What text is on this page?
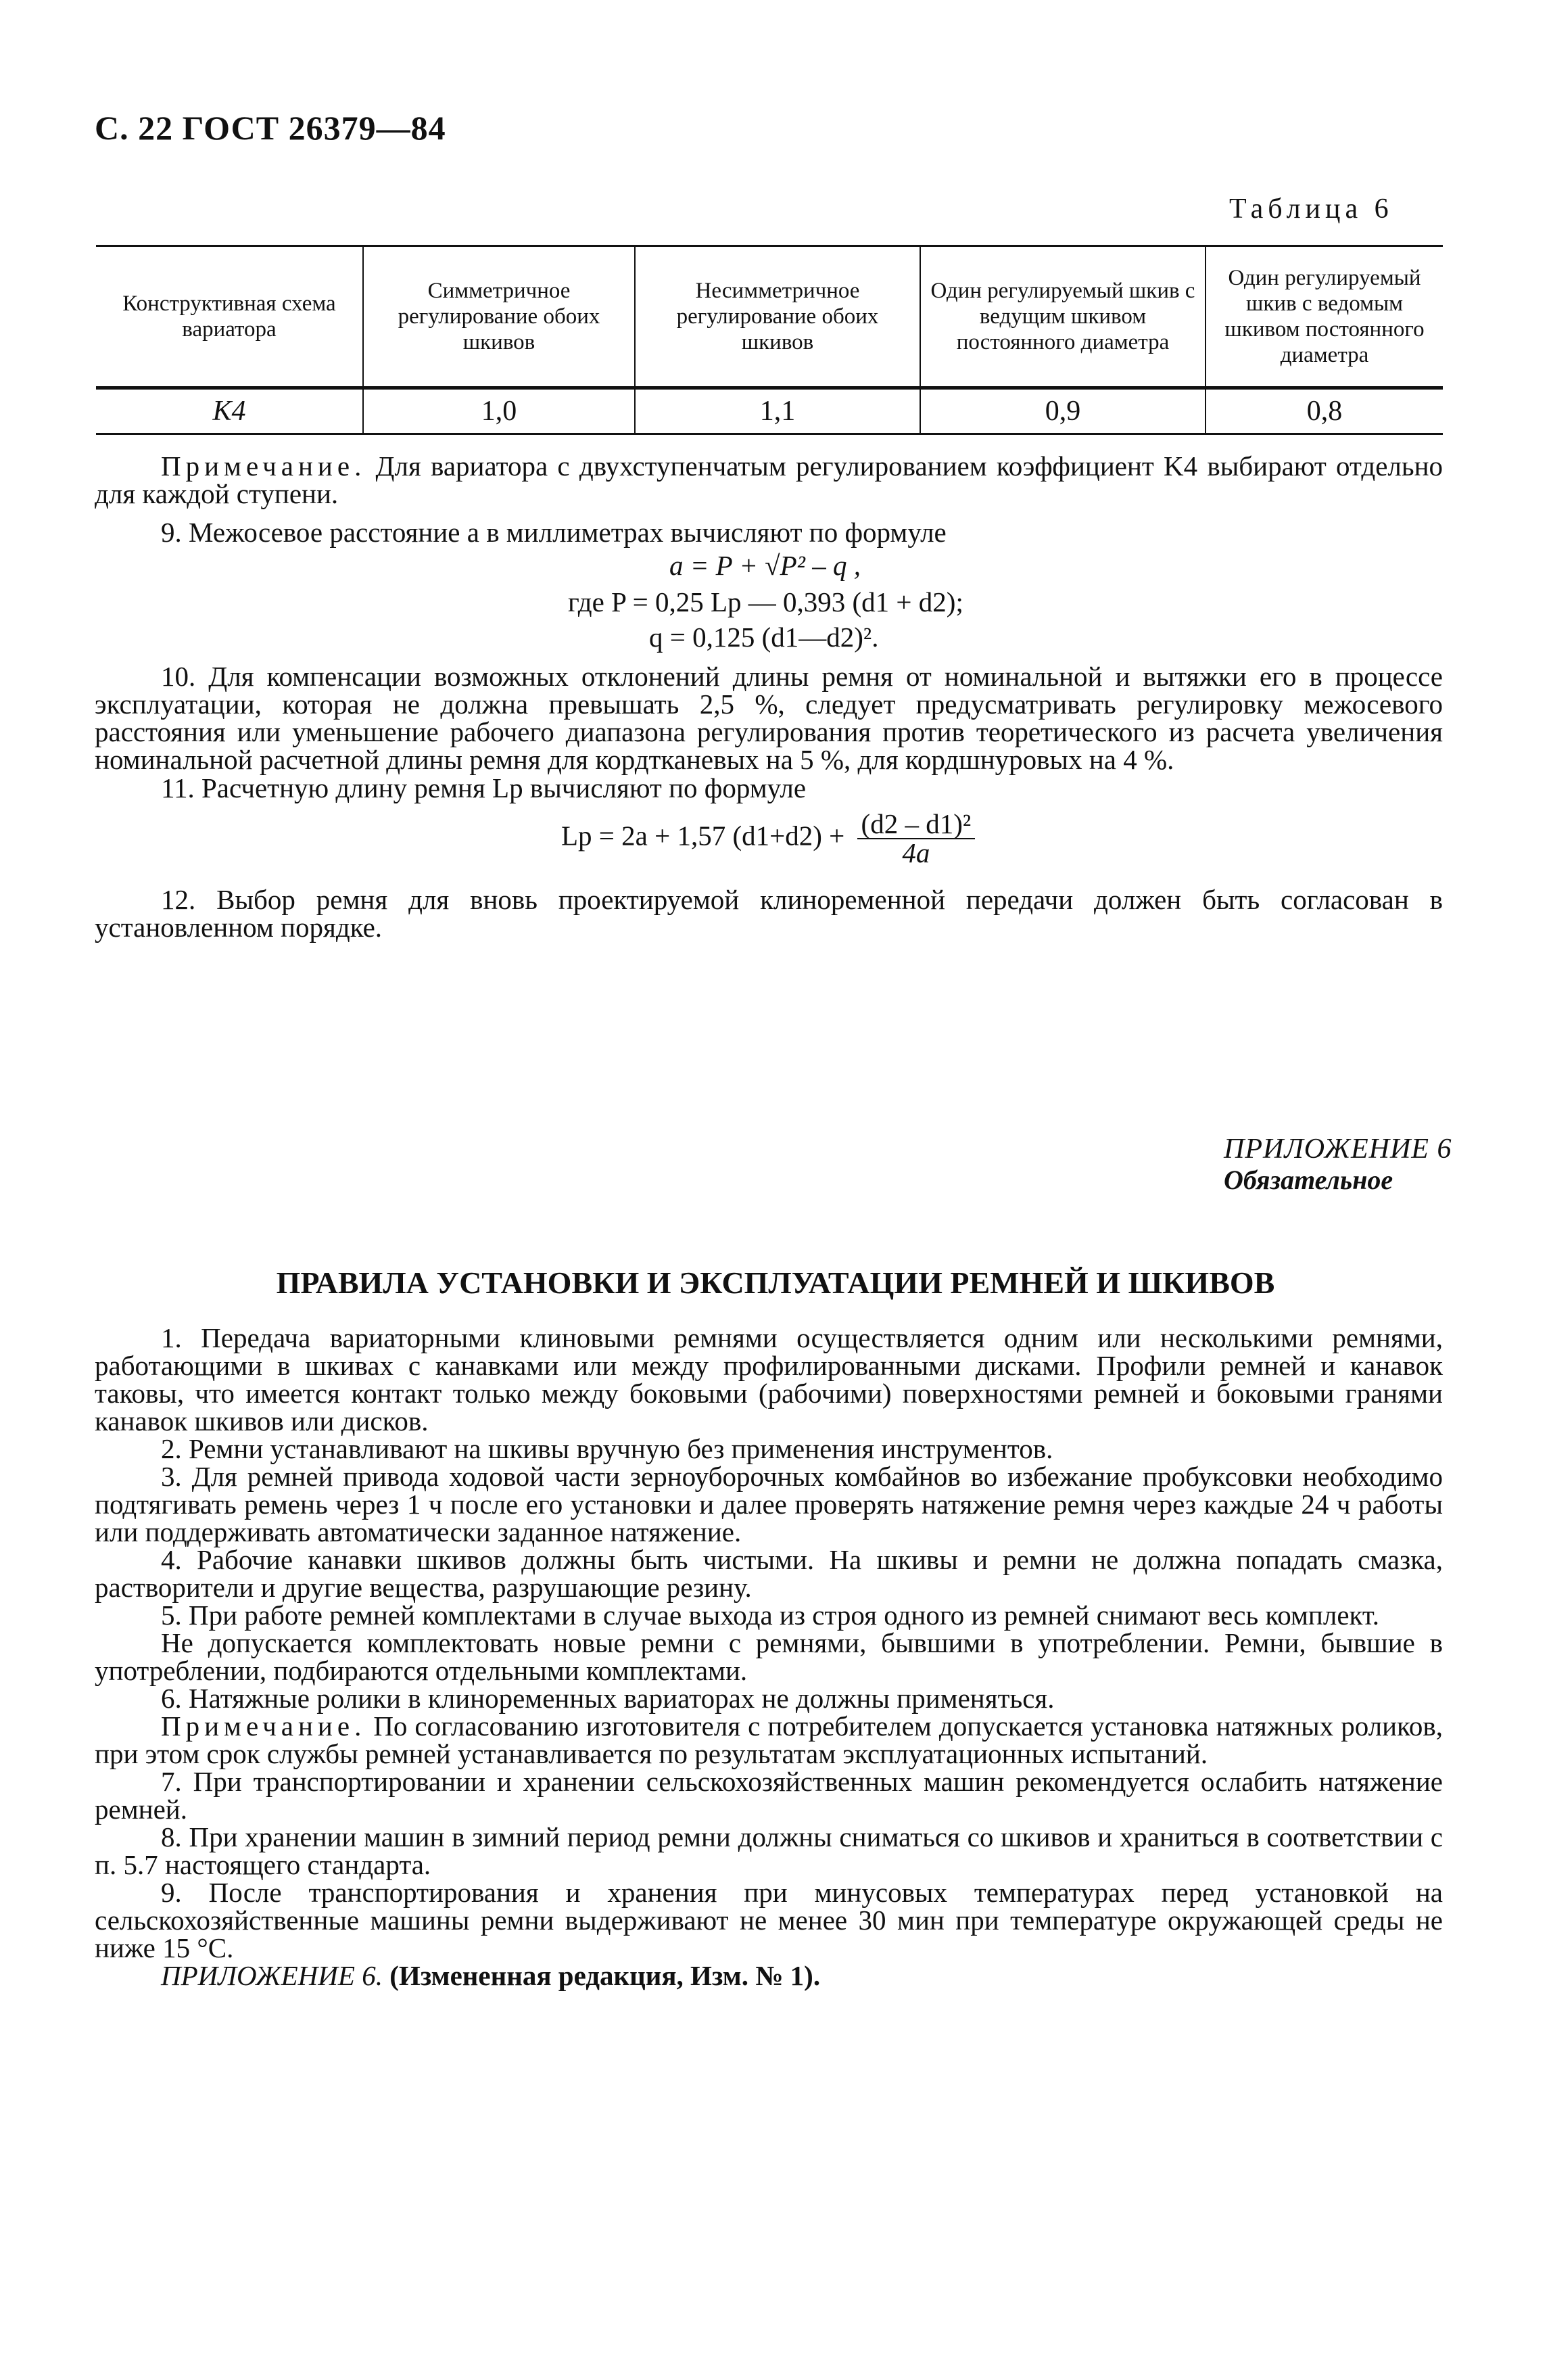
С. 22 ГОСТ 26379—84
Таблица 6
Конструктивная схема вариатора	Симметричное регулирование обоих шкивов	Несимметричное регулирование обоих шкивов	Один регулируемый шкив с ведущим шкивом постоянного диаметра	Один регулируемый шкив с ведомым шкивом постоянного диаметра
K4	1,0	1,1	0,9	0,8
Примечание. Для вариатора с двухступенчатым регулированием коэффициент K4 выбирают отдельно для каждой ступени.
9. Межосевое расстояние a в миллиметрах вычисляют по формуле
a = P + √P² – q ,
где P = 0,25 Lp — 0,393 (d1 + d2);
q = 0,125 (d1—d2)².
10. Для компенсации возможных отклонений длины ремня от номинальной и вытяжки его в процессе эксплуатации, которая не должна превышать 2,5 %, следует предусматривать регулировку межосевого расстояния или уменьшение рабочего диапазона регулирования против теоретического из расчета увеличения номинальной расчетной длины ремня для кордтканевых на 5 %, для кордшнуровых на 4 %.
11. Расчетную длину ремня Lp вычисляют по формуле
Lp = 2a + 1,57 $(d1+d2) + \frac{\text{(d2 – d1)²}}{4a}$
12. Выбор ремня для вновь проектируемой клиноременной передачи должен быть согласован в установленном порядке.
ПРИЛОЖЕНИЕ 6
Обязательное
ПРАВИЛА УСТАНОВКИ И ЭКСПЛУАТАЦИИ РЕМНЕЙ И ШКИВОВ
1. Передача вариаторными клиновыми ремнями осуществляется одним или несколькими ремнями, работающими в шкивах с канавками или между профилированными дисками. Профили ремней и канавок таковы, что имеется контакт только между боковыми (рабочими) поверхностями ремней и боковыми гранями канавок шкивов или дисков.
2. Ремни устанавливают на шкивы вручную без применения инструментов.
3. Для ремней привода ходовой части зерноуборочных комбайнов во избежание пробуксовки необходимо подтягивать ремень через 1 ч после его установки и далее проверять натяжение ремня через каждые 24 ч работы или поддерживать автоматически заданное натяжение.
4. Рабочие канавки шкивов должны быть чистыми. На шкивы и ремни не должна попадать смазка, растворители и другие вещества, разрушающие резину.
5. При работе ремней комплектами в случае выхода из строя одного из ремней снимают весь комплект.
Не допускается комплектовать новые ремни с ремнями, бывшими в употреблении. Ремни, бывшие в употреблении, подбираются отдельными комплектами.
6. Натяжные ролики в клиноременных вариаторах не должны применяться.
Примечание. По согласованию изготовителя с потребителем допускается установка натяжных роликов, при этом срок службы ремней устанавливается по результатам эксплуатационных испытаний.
7. При транспортировании и хранении сельскохозяйственных машин рекомендуется ослабить натяжение ремней.
8. При хранении машин в зимний период ремни должны сниматься со шкивов и храниться в соответствии с п. 5.7 настоящего стандарта.
9. После транспортирования и хранения при минусовых температурах перед установкой на сельскохозяйственные машины ремни выдерживают не менее 30 мин при температуре окружающей среды не ниже 15 °С.
ПРИЛОЖЕНИЕ 6. (Измененная редакция, Изм. № 1).
